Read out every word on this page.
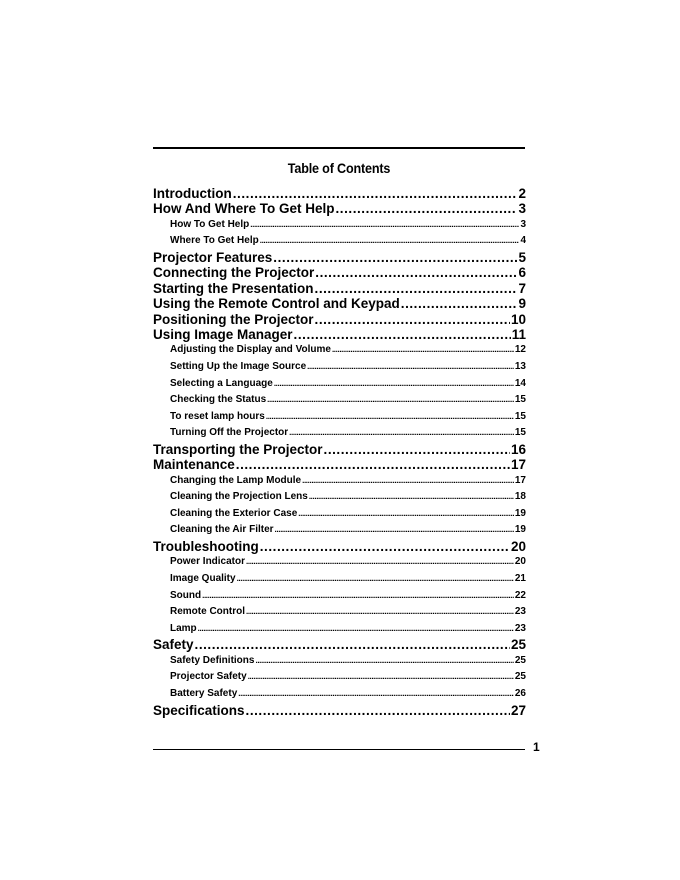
Table of Contents
Introduction . . .	2
How And Where To Get Help . . .	3
How To Get Help . . .	3
Where To Get Help . . .	4
Projector Features . . .	5
Connecting the Projector . . .	6
Starting the Presentation . . .	7
Using the Remote Control and Keypad . . .	9
Positioning the Projector . . .	10
Using Image Manager . . .	11
Adjusting the Display and Volume . . .	12
Setting Up the Image Source . . .	13
Selecting a Language . . .	14
Checking the Status . . .	15
To reset lamp hours . . .	15
Turning Off the Projector . . .	15
Transporting the Projector . . .	16
Maintenance . . .	17
Changing the Lamp Module . . .	17
Cleaning the Projection Lens . . .	18
Cleaning the Exterior Case . . .	19
Cleaning the Air Filter . . .	19
Troubleshooting . . .	20
Power Indicator . . .	20
Image Quality . . .	21
Sound . . .	22
Remote Control . . .	23
Lamp . . .	23
Safety . . .	25
Safety Definitions . . .	25
Projector Safety . . .	25
Battery Safety . . .	26
Specifications . . .	27
1
